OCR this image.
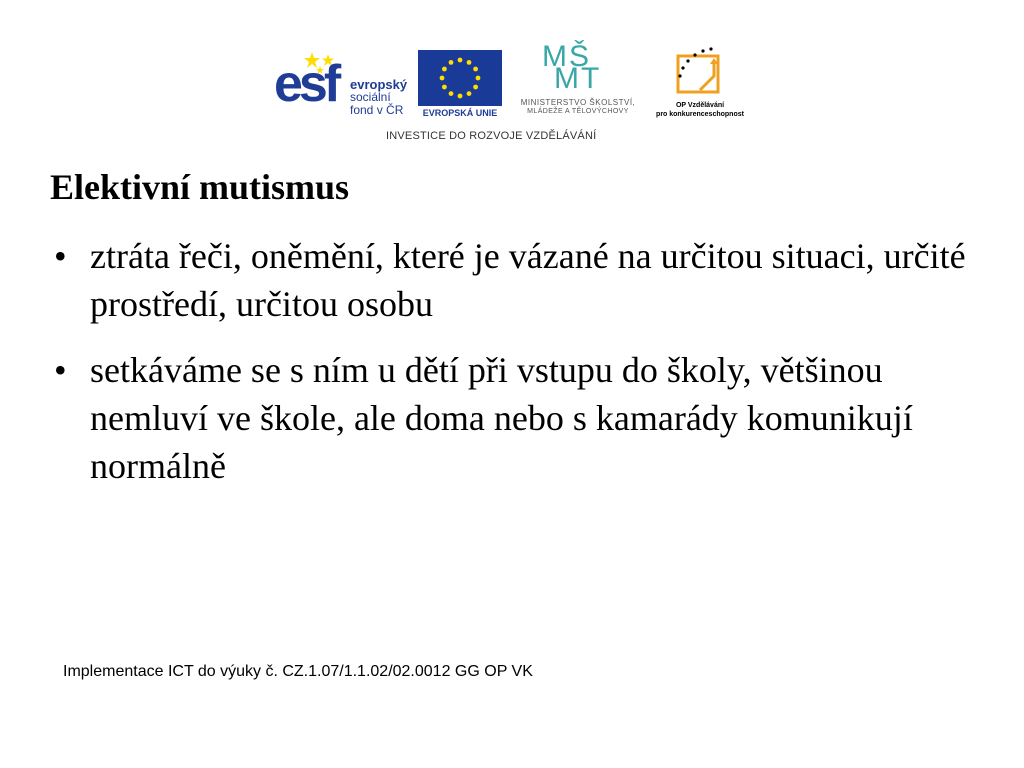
esf evropský
sociální
fond v ČR	EVROPSKÁ UNIE
MŠ
MT
MINISTERSTVO ŠKOLSTVÍ,
MLÁDEŽE A TĚLOVÝCHOVY
OP Vzdělávání
pro konkurenceschopnost
INVESTICE DO ROZVOJE VZDĚLÁVÁNÍ
Elektivní mutismus
• ztráta řeči, oněmění, které je vázané na určitou situaci, určité prostředí, určitou osobu
• setkáváme se s ním u dětí při vstupu do školy, většinou nemluví ve škole, ale doma nebo s kamarády komunikují normálně
Implementace ICT do výuky č. CZ.1.07/1.1.02/02.0012 GG OP VK
